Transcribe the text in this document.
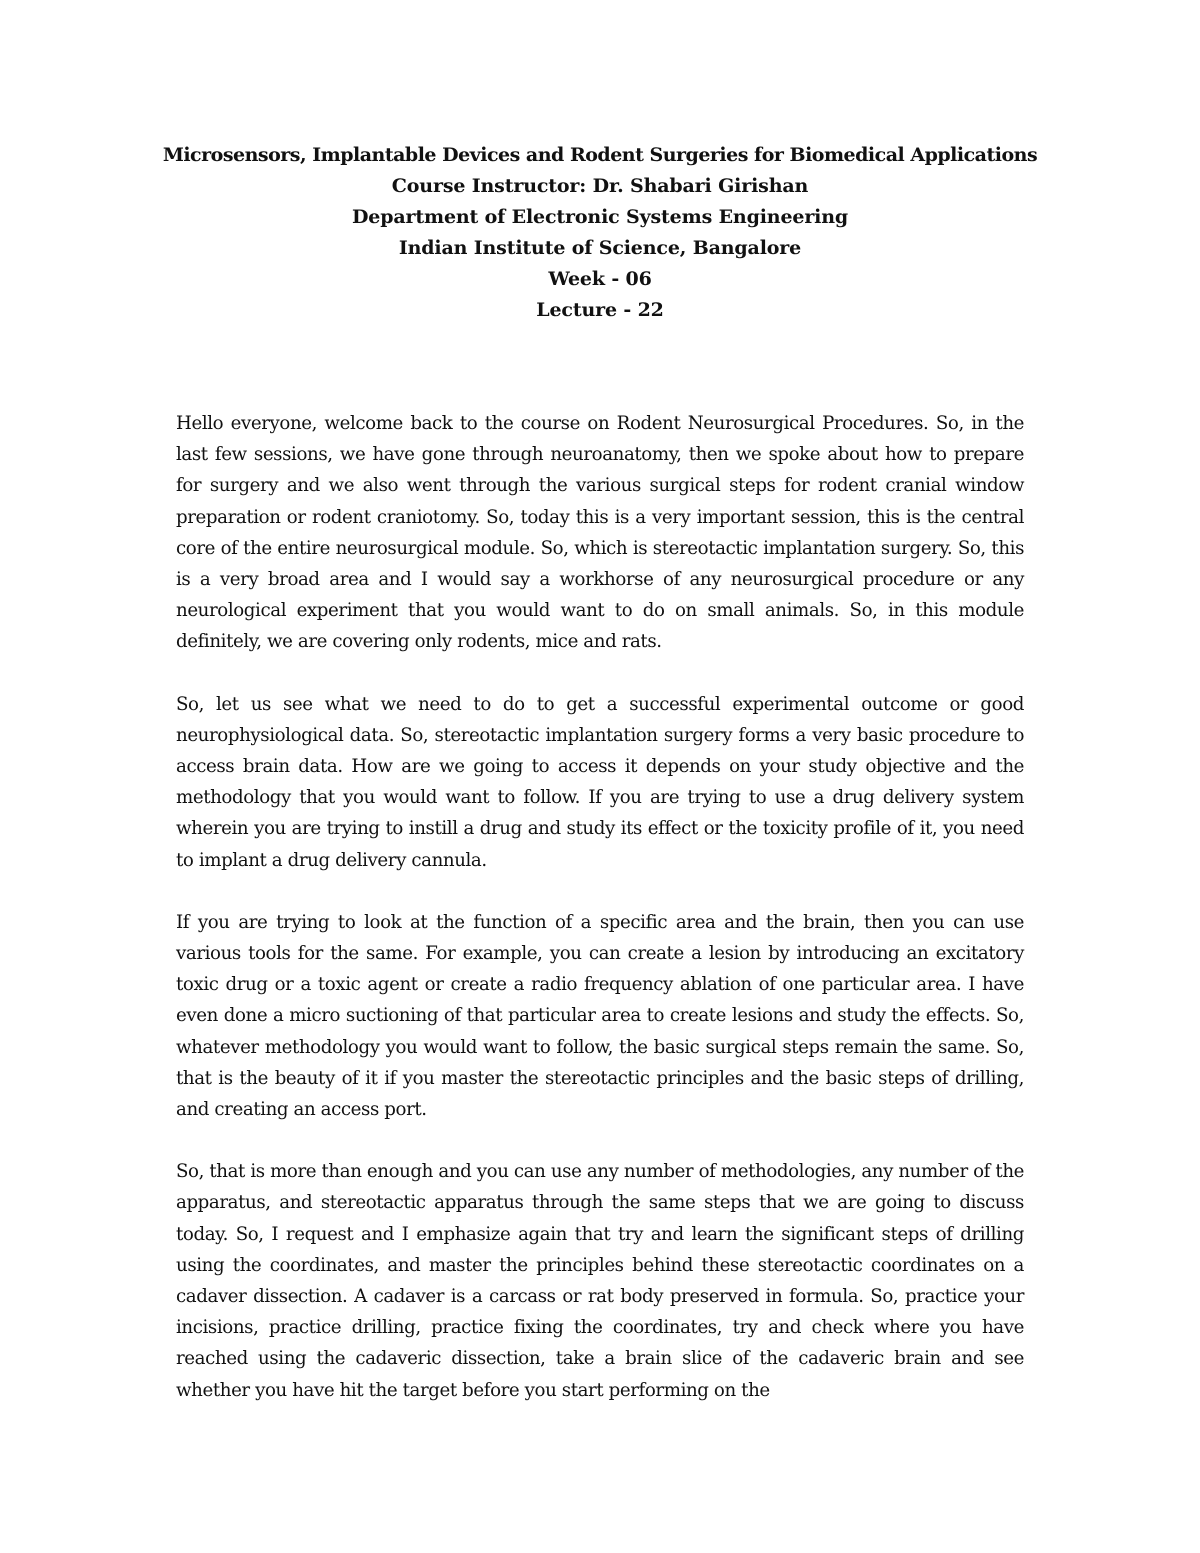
Microsensors, Implantable Devices and Rodent Surgeries for Biomedical Applications
Course Instructor: Dr. Shabari Girishan
Department of Electronic Systems Engineering
Indian Institute of Science, Bangalore
Week - 06
Lecture - 22

Hello everyone, welcome back to the course on Rodent Neurosurgical Procedures. So, in the last few sessions, we have gone through neuroanatomy, then we spoke about how to prepare for surgery and we also went through the various surgical steps for rodent cranial window preparation or rodent craniotomy. So, today this is a very important session, this is the central core of the entire neurosurgical module. So, which is stereotactic implantation surgery. So, this is a very broad area and I would say a workhorse of any neurosurgical procedure or any neurological experiment that you would want to do on small animals. So, in this module definitely, we are covering only rodents, mice and rats.

So, let us see what we need to do to get a successful experimental outcome or good neurophysiological data. So, stereotactic implantation surgery forms a very basic procedure to access brain data. How are we going to access it depends on your study objective and the methodology that you would want to follow. If you are trying to use a drug delivery system wherein you are trying to instill a drug and study its effect or the toxicity profile of it, you need to implant a drug delivery cannula.

If you are trying to look at the function of a specific area and the brain, then you can use various tools for the same. For example, you can create a lesion by introducing an excitatory toxic drug or a toxic agent or create a radio frequency ablation of one particular area. I have even done a micro suctioning of that particular area to create lesions and study the effects. So, whatever methodology you would want to follow, the basic surgical steps remain the same. So, that is the beauty of it if you master the stereotactic principles and the basic steps of drilling, and creating an access port.

So, that is more than enough and you can use any number of methodologies, any number of the apparatus, and stereotactic apparatus through the same steps that we are going to discuss today. So, I request and I emphasize again that try and learn the significant steps of drilling using the coordinates, and master the principles behind these stereotactic coordinates on a cadaver dissection. A cadaver is a carcass or rat body preserved in formula. So, practice your incisions, practice drilling, practice fixing the coordinates, try and check where you have reached using the cadaveric dissection, take a brain slice of the cadaveric brain and see whether you have hit the target before you start performing on the
